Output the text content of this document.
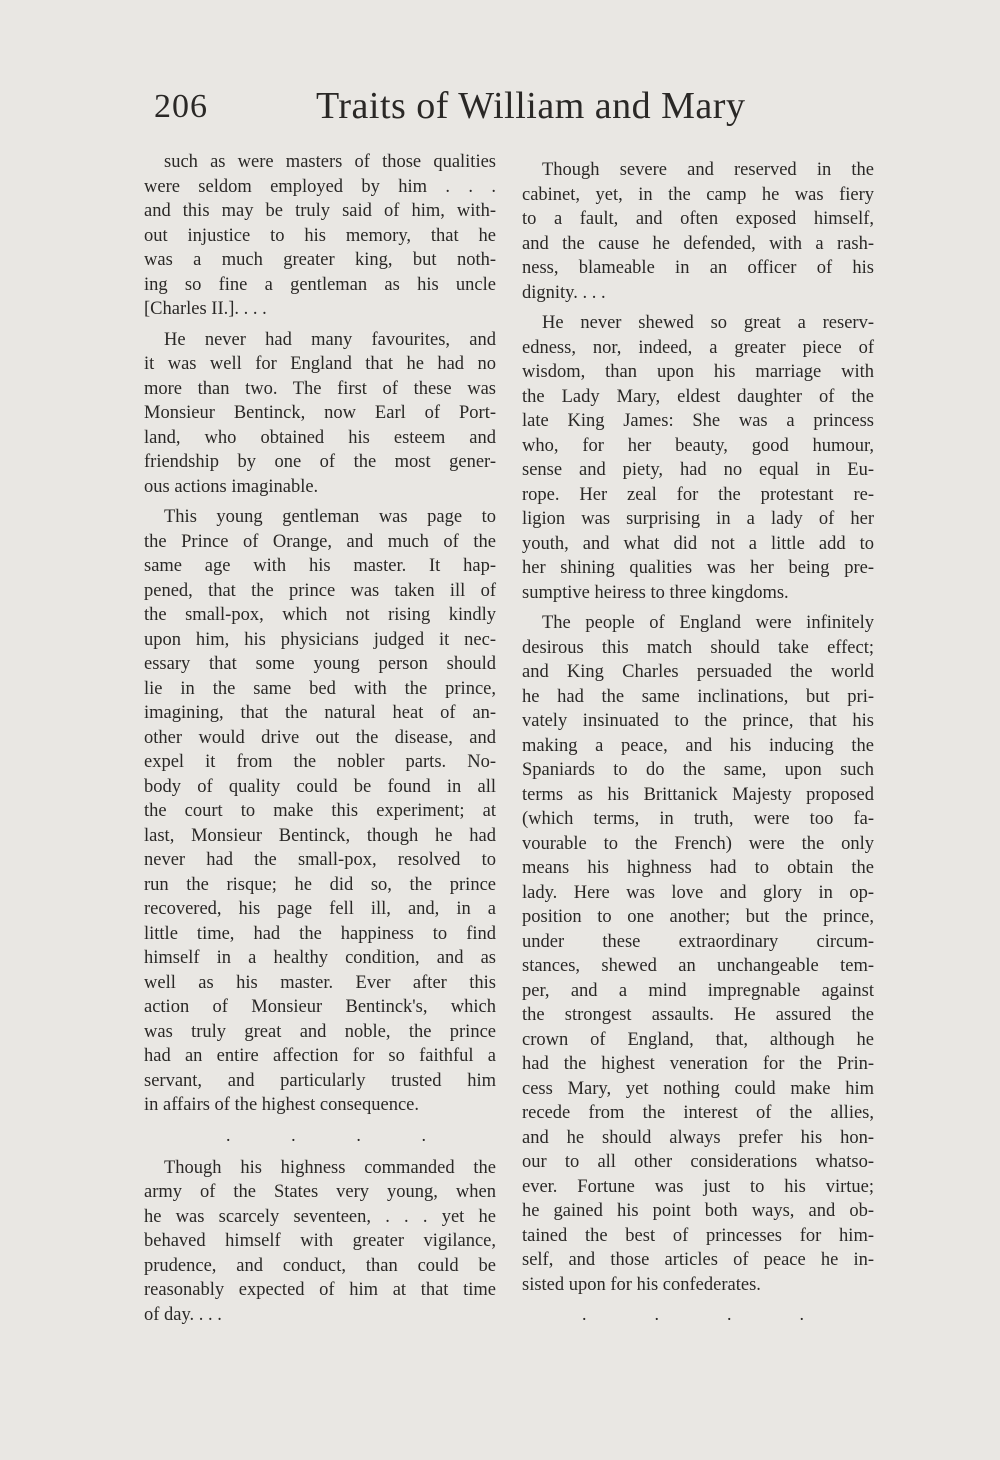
206	Traits of William and Mary
such as were masters of those qualities
were seldom employed by him . . .
and this may be truly said of him, with-
out injustice to his memory, that he
was a much greater king, but noth-
ing so fine a gentleman as his uncle
[Charles II.]. . . .
He never had many favourites, and
it was well for England that he had no
more than two. The first of these was
Monsieur Bentinck, now Earl of Port-
land, who obtained his esteem and
friendship by one of the most gener-
ous actions imaginable.
This young gentleman was page to
the Prince of Orange, and much of the
same age with his master. It hap-
pened, that the prince was taken ill of
the small-pox, which not rising kindly
upon him, his physicians judged it nec-
essary that some young person should
lie in the same bed with the prince,
imagining, that the natural heat of an-
other would drive out the disease, and
expel it from the nobler parts. No-
body of quality could be found in all
the court to make this experiment; at
last, Monsieur Bentinck, though he had
never had the small-pox, resolved to
run the risque; he did so, the prince
recovered, his page fell ill, and, in a
little time, had the happiness to find
himself in a healthy condition, and as
well as his master. Ever after this
action of Monsieur Bentinck's, which
was truly great and noble, the prince
had an entire affection for so faithful a
servant, and particularly trusted him
in affairs of the highest consequence.
.	.	.	.
Though his highness commanded the
army of the States very young, when
he was scarcely seventeen, . . . yet he
behaved himself with greater vigilance,
prudence, and conduct, than could be
reasonably expected of him at that time
of day. . . .
Though severe and reserved in the
cabinet, yet, in the camp he was fiery
to a fault, and often exposed himself,
and the cause he defended, with a rash-
ness, blameable in an officer of his
dignity. . . .
He never shewed so great a reserv-
edness, nor, indeed, a greater piece of
wisdom, than upon his marriage with
the Lady Mary, eldest daughter of the
late King James: She was a princess
who, for her beauty, good humour,
sense and piety, had no equal in Eu-
rope. Her zeal for the protestant re-
ligion was surprising in a lady of her
youth, and what did not a little add to
her shining qualities was her being pre-
sumptive heiress to three kingdoms.
The people of England were infinitely
desirous this match should take effect;
and King Charles persuaded the world
he had the same inclinations, but pri-
vately insinuated to the prince, that his
making a peace, and his inducing the
Spaniards to do the same, upon such
terms as his Brittanick Majesty proposed
(which terms, in truth, were too fa-
vourable to the French) were the only
means his highness had to obtain the
lady. Here was love and glory in op-
position to one another; but the prince,
under these extraordinary circum-
stances, shewed an unchangeable tem-
per, and a mind impregnable against
the strongest assaults. He assured the
crown of England, that, although he
had the highest veneration for the Prin-
cess Mary, yet nothing could make him
recede from the interest of the allies,
and he should always prefer his hon-
our to all other considerations whatso-
ever. Fortune was just to his virtue;
he gained his point both ways, and ob-
tained the best of princesses for him-
self, and those articles of peace he in-
sisted upon for his confederates.
.	.	.	.
